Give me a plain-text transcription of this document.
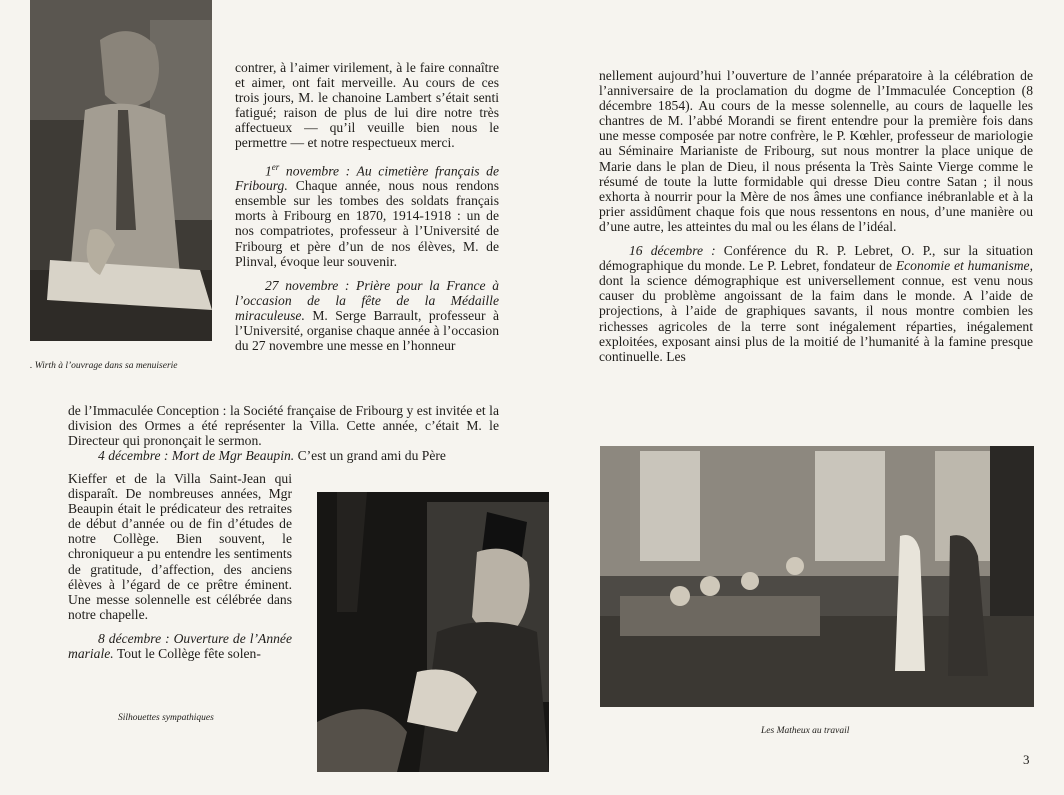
contrer, à l’aimer virilement, à le faire connaître et aimer, ont fait merveille. Au cours de ces trois jours, M. le chanoine Lambert s’était senti fatigué; raison de plus de lui dire notre très affectueux — qu’il veuille bien nous le permettre — et notre respectueux merci.

1er novembre : Au cimetière français de Fribourg. Chaque année, nous nous rendons ensemble sur les tombes des soldats français morts à Fribourg en 1870, 1914-1918 : un de nos compatriotes, professeur à l’Université de Fribourg et père d’un de nos élèves, M. de Plinval, évoque leur souvenir.

27 novembre : Prière pour la France à l’occasion de la fête de la Médaille miraculeuse. M. Serge Barrault, professeur à l’Université, organise chaque année à l’occasion du 27 novembre une messe en l’honneur

de l’Immaculée Conception : la Société française de Fribourg y est invitée et la division des Ormes a été représenter la Villa. Cette année, c’était M. le Directeur qui prononçait le sermon.

4 décembre : Mort de Mgr Beaupin. C’est un grand ami du Père

Kieffer et de la Villa Saint-Jean qui disparaît. De nombreuses années, Mgr Beaupin était le prédicateur des retraites de début d’année ou de fin d’études de notre Collège. Bien souvent, le chroniqueur a pu entendre les sentiments de gratitude, d’affection, des anciens élèves à l’égard de ce prêtre éminent. Une messe solennelle est célébrée dans notre chapelle.

8 décembre : Ouverture de l’Année mariale. Tout le Collège fête solen-

nellement aujourd’hui l’ouverture de l’année préparatoire à la célébration de l’anniversaire de la proclamation du dogme de l’Immaculée Conception (8 décembre 1854). Au cours de la messe solennelle, au cours de laquelle les chantres de M. l’abbé Morandi se firent entendre pour la première fois dans une messe composée par notre confrère, le P. Kœhler, professeur de mariologie au Séminaire Marianiste de Fribourg, sut nous montrer la place unique de Marie dans le plan de Dieu, il nous présenta la Très Sainte Vierge comme le résumé de toute la lutte formidable qui dresse Dieu contre Satan ; il nous exhorta à nourrir pour la Mère de nos âmes une confiance inébranlable et à la prier assidûment chaque fois que nous ressentons en nous, d’une manière ou d’une autre, les atteintes du mal ou les élans de l’idéal.

16 décembre : Conférence du R. P. Lebret, O. P., sur la situation démographique du monde. Le P. Lebret, fondateur de Economie et humanisme, dont la science démographique est universellement connue, est venu nous causer du problème angoissant de la faim dans le monde. A l’aide de projections, à l’aide de graphiques savants, il nous montre combien les richesses agricoles de la terre sont inégalement réparties, inégalement exploitées, exposant ainsi plus de la moitié de l’humanité à la famine presque continuelle. Les

. Wirth à l’ouvrage dans sa menuiserie
Silhouettes sympathiques
Les Matheux au travail
3
